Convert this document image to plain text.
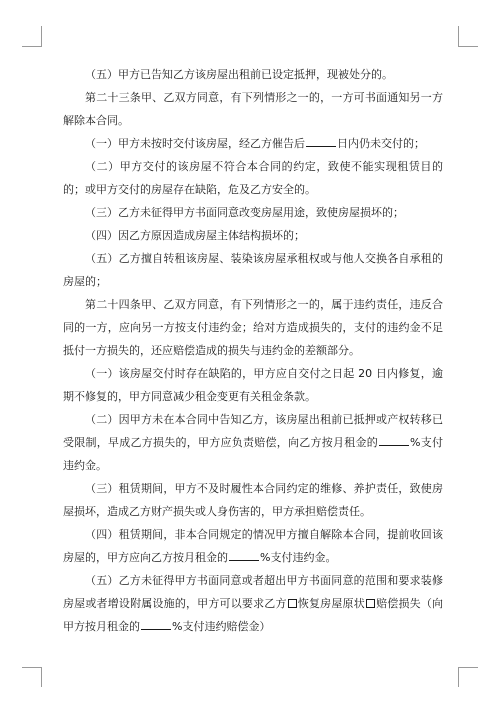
（五）甲方已告知乙方该房屋出租前已设定抵押，现被处分的。

第二十三条甲、乙双方同意，有下列情形之一的，一方可书面通知另一方解除本合同。

（一）甲方未按时交付该房屋，经乙方催告后	日内仍未交付的；

（二）甲方交付的该房屋不符合本合同的约定，致使不能实现租赁目的的；或甲方交付的房屋存在缺陷，危及乙方安全的。

（三）乙方未征得甲方书面同意改变房屋用途，致使房屋损坏的；

（四）因乙方原因造成房屋主体结构损坏的；

（五）乙方擅自转租该房屋、装染该房屋承租权或与他人交换各自承租的房屋的；

第二十四条甲、乙双方同意，有下列情形之一的，属于违约责任，违反合同的一方，应向另一方按支付违约金；给对方造成损失的，支付的违约金不足抵付一方损失的，还应赔偿造成的损失与违约金的差额部分。

（一）该房屋交付时存在缺陷的，甲方应自交付之日起 20 日内修复，逾期不修复的，甲方同意减少租金变更有关租金条款。

（二）因甲方未在本合同中告知乙方，该房屋出租前已抵押或产权转移已受限制，早成乙方损失的，甲方应负责赔偿，向乙方按月租金的	%支付违约金。

（三）租赁期间，甲方不及时履性本合同约定的维修、养护责任，致使房屋损坏，造成乙方财产损失或人身伤害的，甲方承担赔偿责任。

（四）租赁期间，非本合同规定的情况甲方擅自解除本合同，提前收回该房屋的，甲方应向乙方按月租金的	%支付违约金。

（五）乙方未征得甲方书面同意或者超出甲方书面同意的范围和要求装修房屋或者增设附属设施的，甲方可以要求乙方 恢复房屋原状 赔偿损失（向甲方按月租金的	%支付违约赔偿金）
